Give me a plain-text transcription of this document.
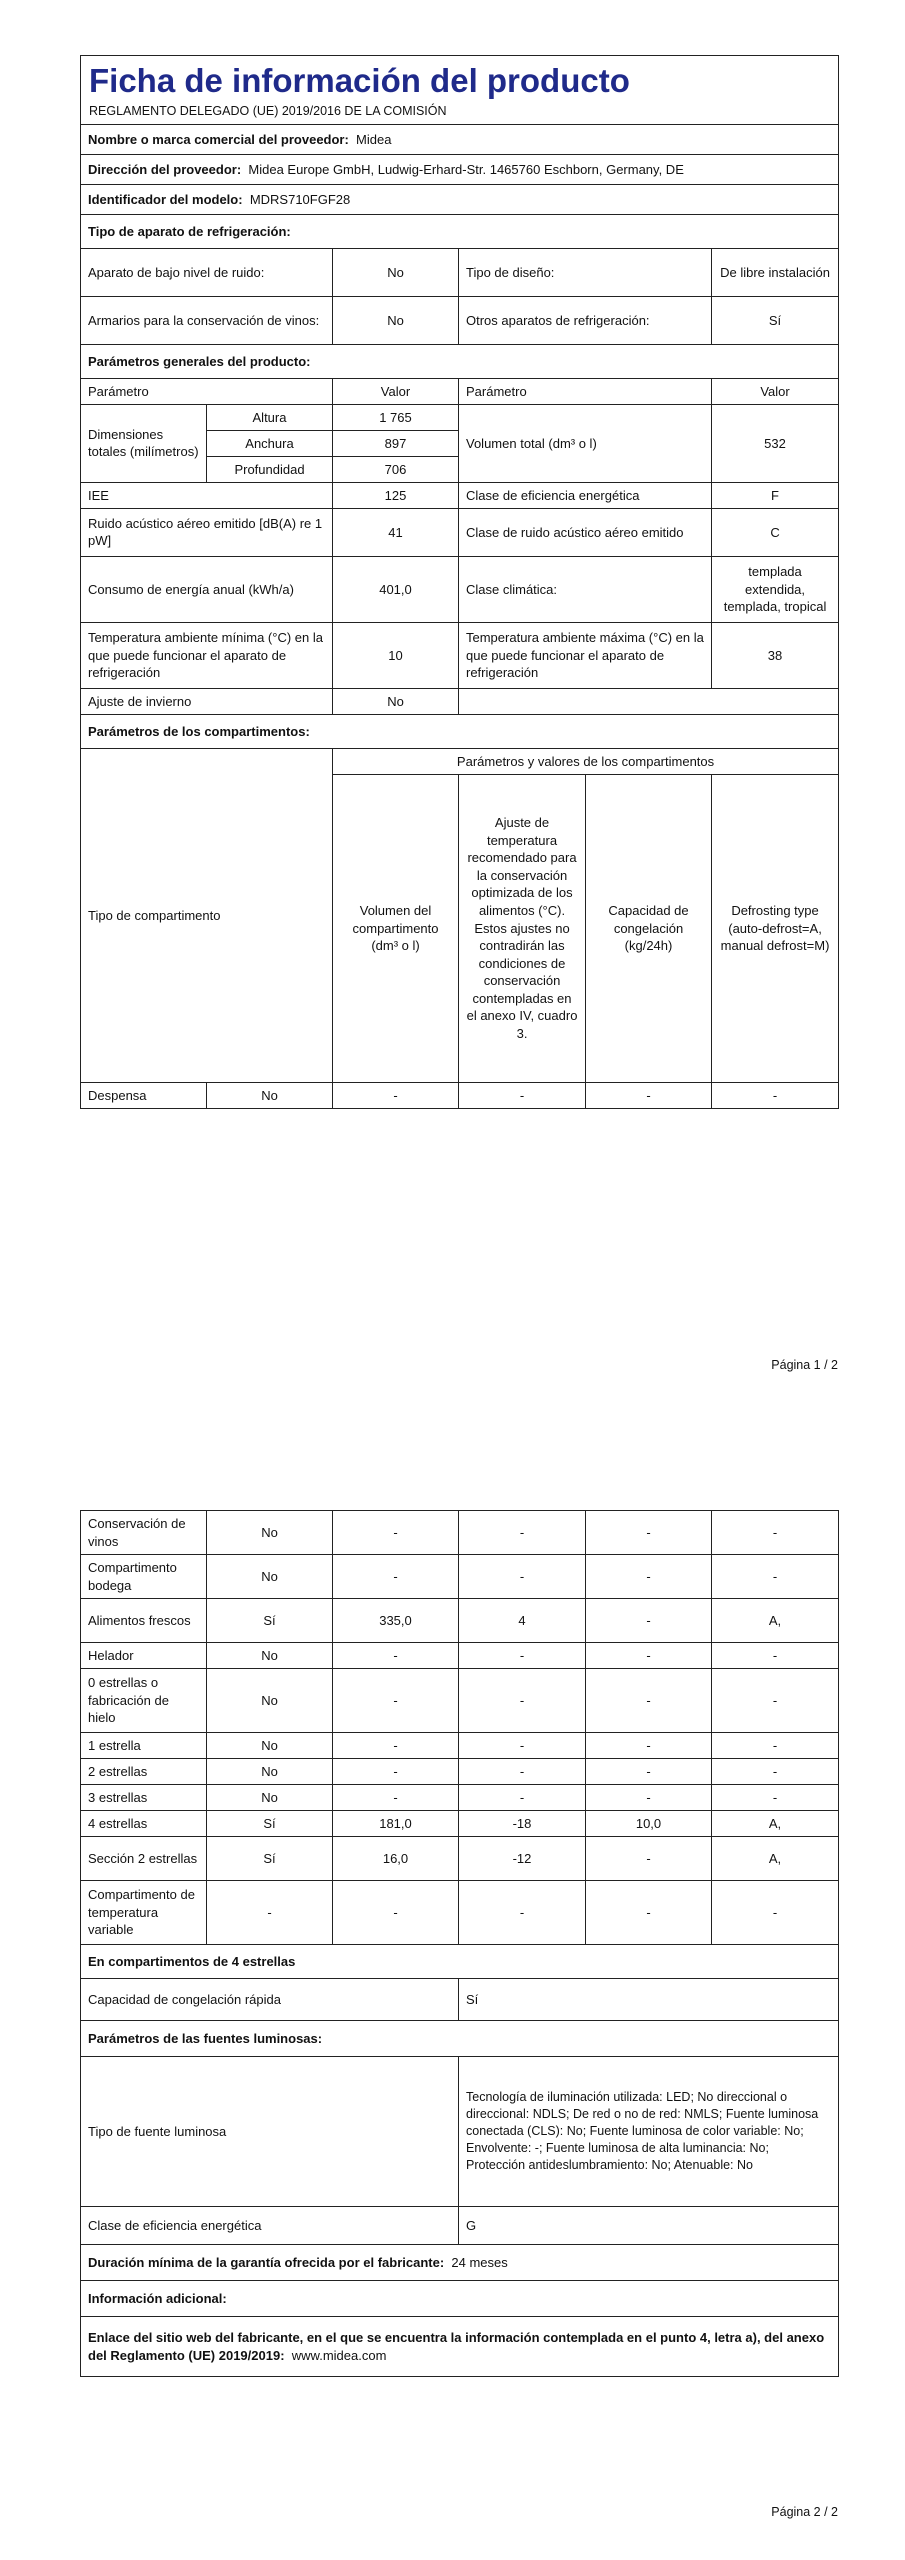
Ficha de información del producto
REGLAMENTO DELEGADO (UE) 2019/2016 DE LA COMISIÓN				

Nombre o marca comercial del proveedor: Midea				
Dirección del proveedor: Midea Europe GmbH, Ludwig-Erhard-Str. 1465760 Eschborn, Germany, DE				
Identificador del modelo: MDRS710FGF28				
Tipo de aparato de refrigeración:				
Aparato de bajo nivel de ruido:		No	Tipo de diseño:	De libre instalación
Armarios para la conservación de vinos:		No	Otros aparatos de refrigeración:	Sí
Parámetros generales del producto:				
Parámetro		Valor	Parámetro	Valor
Dimensiones totales (milímetros)	Altura	1 765	Volumen total (dm³ o l)	532
	Anchura	897		
	Profundidad	706		
IEE		125	Clase de eficiencia energética	F
Ruido acústico aéreo emitido [dB(A) re 1 pW]		41	Clase de ruido acústico aéreo emitido	C
Consumo de energía anual (kWh/a)		401,0	Clase climática:	templada extendida, templada, tropical
Temperatura ambiente mínima (°C) en la que puede funcionar el aparato de refrigeración		10	Temperatura ambiente máxima (°C) en la que puede funcionar el aparato de refrigeración	38
Ajuste de invierno		No		
Parámetros de los compartimentos:				
Tipo de compartimento		Parámetros y valores de los compartimentos			
		Volumen del compartimento (dm³ o l)	Ajuste de temperatura recomendado para la conservación optimizada de los alimentos (°C). Estos ajustes no contradirán las condiciones de conservación contempladas en el anexo IV, cuadro 3.	Capacidad de congelación (kg/24h)	Defrosting type (auto-defrost=A, manual defrost=M)
Despensa	No	-	-	-	-
Página 1 / 2
Conservación de vinos	No	-	-	-	-
Compartimento bodega	No	-	-	-	-
Alimentos frescos	Sí	335,0	4	-	A,
Helador	No	-	-	-	-
0 estrellas o fabricación de hielo	No	-	-	-	-
1 estrella	No	-	-	-	-
2 estrellas	No	-	-	-	-
3 estrellas	No	-	-	-	-
4 estrellas	Sí	181,0	-18	10,0	A,
Sección 2 estrellas	Sí	16,0	-12	-	A,
Compartimento de temperatura variable	-	-	-	-	-
En compartimentos de 4 estrellas	
Capacidad de congelación rápida	Sí
Parámetros de las fuentes luminosas:	
Tipo de fuente luminosa	Tecnología de iluminación utilizada: LED; No direccional o direccional: NDLS; De red o no de red: NMLS; Fuente luminosa conectada (CLS): No; Fuente luminosa de color variable: No; Envolvente: -; Fuente luminosa de alta luminancia: No; Protección antideslumbramiento: No; Atenuable: No
Clase de eficiencia energética	G
Duración mínima de la garantía ofrecida por el fabricante: 24 meses	
Información adicional:	
Enlace del sitio web del fabricante, en el que se encuentra la información contemplada en el punto 4, letra a), del anexo del Reglamento (UE) 2019/2019: www.midea.com	
Página 2 / 2
